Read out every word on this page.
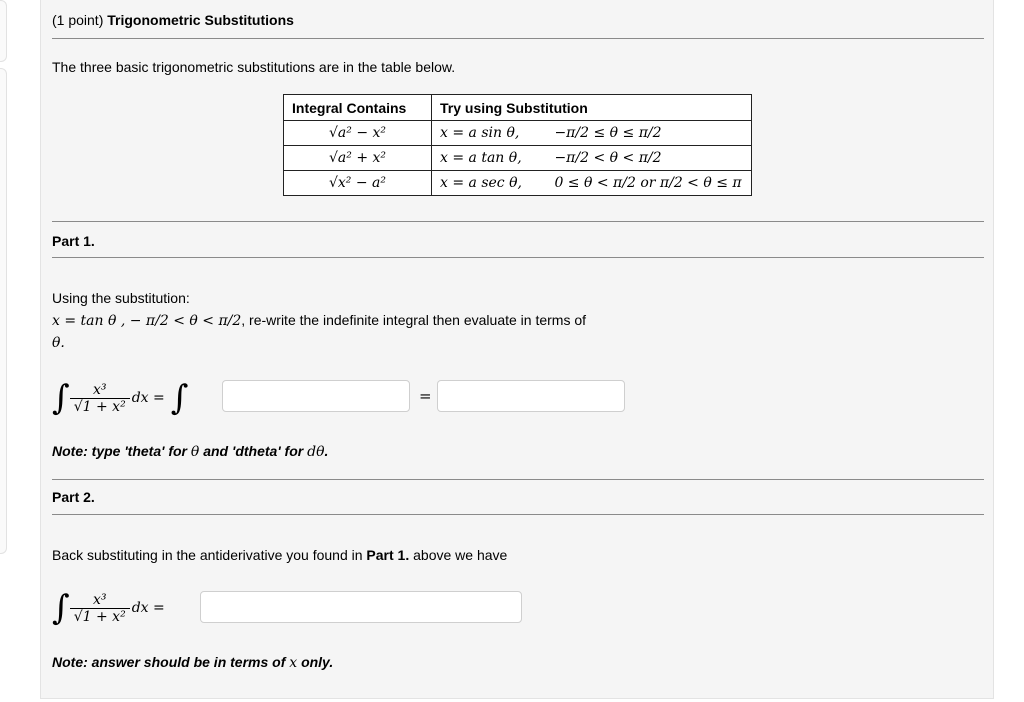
(1 point) Trigonometric Substitutions
The three basic trigonometric substitutions are in the table below.
Integral Contains	Try using Substitution
√a² − x²	x = a sin θ, −π/2 ≤ θ ≤ π/2
√a² + x²	x = a tan θ, −π/2 < θ < π/2
√x² − a²	x = a sec θ, 0 ≤ θ < π/2 or π/2 < θ ≤ π
Part 1.
Using the substitution:
x = tan θ , − π/2 < θ < π/2, re-write the indefinite integral then evaluate in terms of
θ.
∫ $\frac{\text{x³}}{\text{√1 + x²}}$ dx = ∫	=
Note: type 'theta' for θ and 'dtheta' for dθ.
Part 2.
Back substituting in the antiderivative you found in Part 1. above we have
∫ $\frac{\text{x³}}{\text{√1 + x²}}$ dx =
Note: answer should be in terms of x only.
